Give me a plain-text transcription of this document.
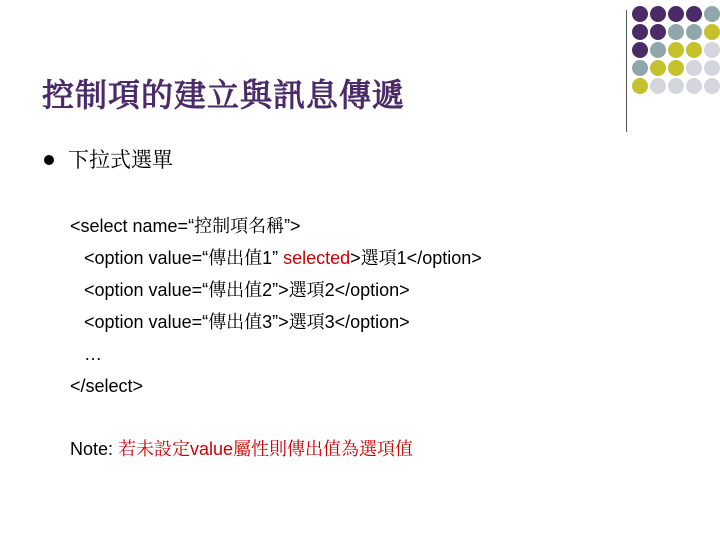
控制項的建立與訊息傳遞
下拉式選單
<select name=“控制項名稱”>
<option value=“傳出值1” selected>選項1</option>
<option value=“傳出值2”>選項2</option>
<option value=“傳出值3”>選項3</option>
…
</select>
Note: 若未設定value屬性則傳出值為選項值
